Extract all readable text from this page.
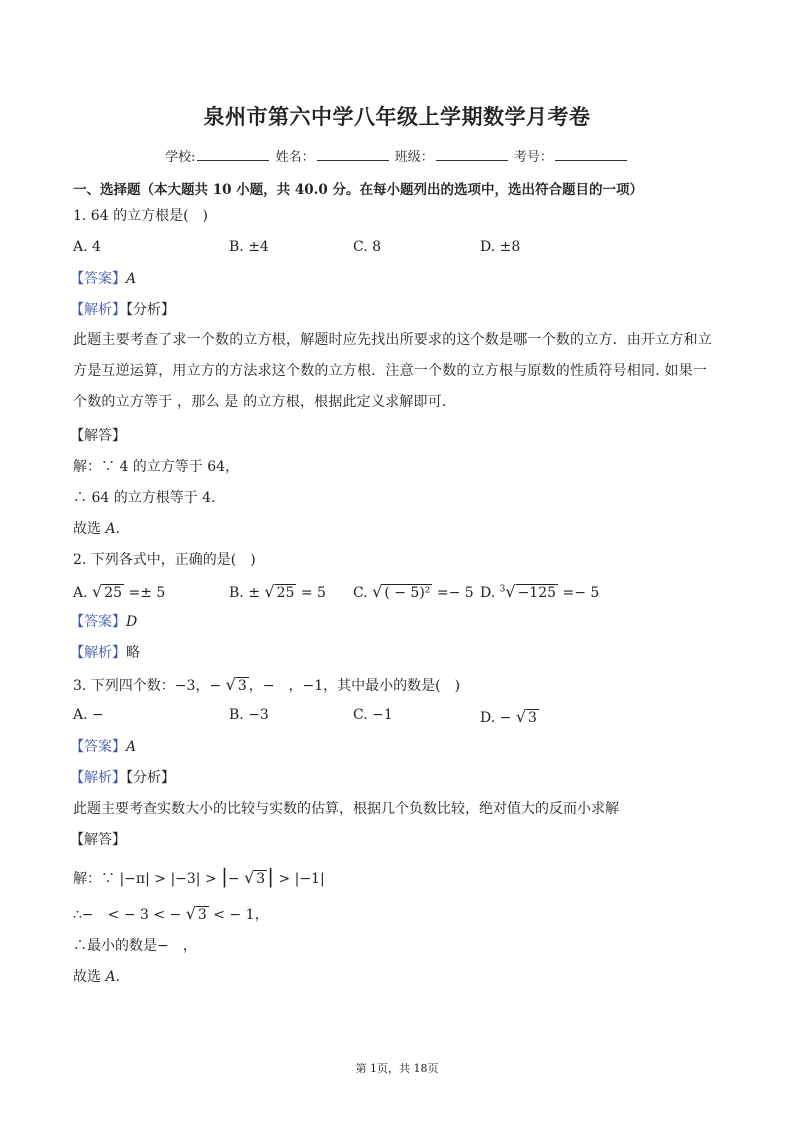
泉州市第六中学八年级上学期数学月考卷
学校:	姓名：	班级：	考号：
一、选择题（本大题共 10 小题，共 40.0 分。在每小题列出的选项中，选出符合题目的一项）
1. 64 的立方根是(　)
A. 4	B. ±4	C. 8	D. ±8
【答案】A
【解析】【分析】
此题主要考查了求一个数的立方根，解题时应先找出所要求的这个数是哪一个数的立方．由开立方和立方是互逆运算，用立方的方法求这个数的立方根．注意一个数的立方根与原数的性质符号相同. 如果一个数的立方等于 ，那么 是 的立方根，根据此定义求解即可．
【解答】
解：∵ 4 的立方等于 64，
∴ 64 的立方根等于 4．
故选 A．
2. 下列各式中，正确的是(　)
A. √ 25 =± 5	B. ± √ 25 = 5 C. √ ( − 5)² =− 5 D. $^3$√ −125 =− 5
【答案】D
【解析】略
3. 下列四个数：−3，− √ 3 ，−　，−1，其中最小的数是(　)
A. −	B. −3	C. −1	D. − √ 3
【答案】A
【解析】【分析】
此题主要考查实数大小的比较与实数的估算，根据几个负数比较，绝对值大的反而小求解
【解答】
解：∵ |−π| > |−3| > |− √ 3 | > |−1|
∴−　< − 3 < − √ 3 < − 1，
∴最小的数是−　，
故选 A．
第 1页，共 18页
